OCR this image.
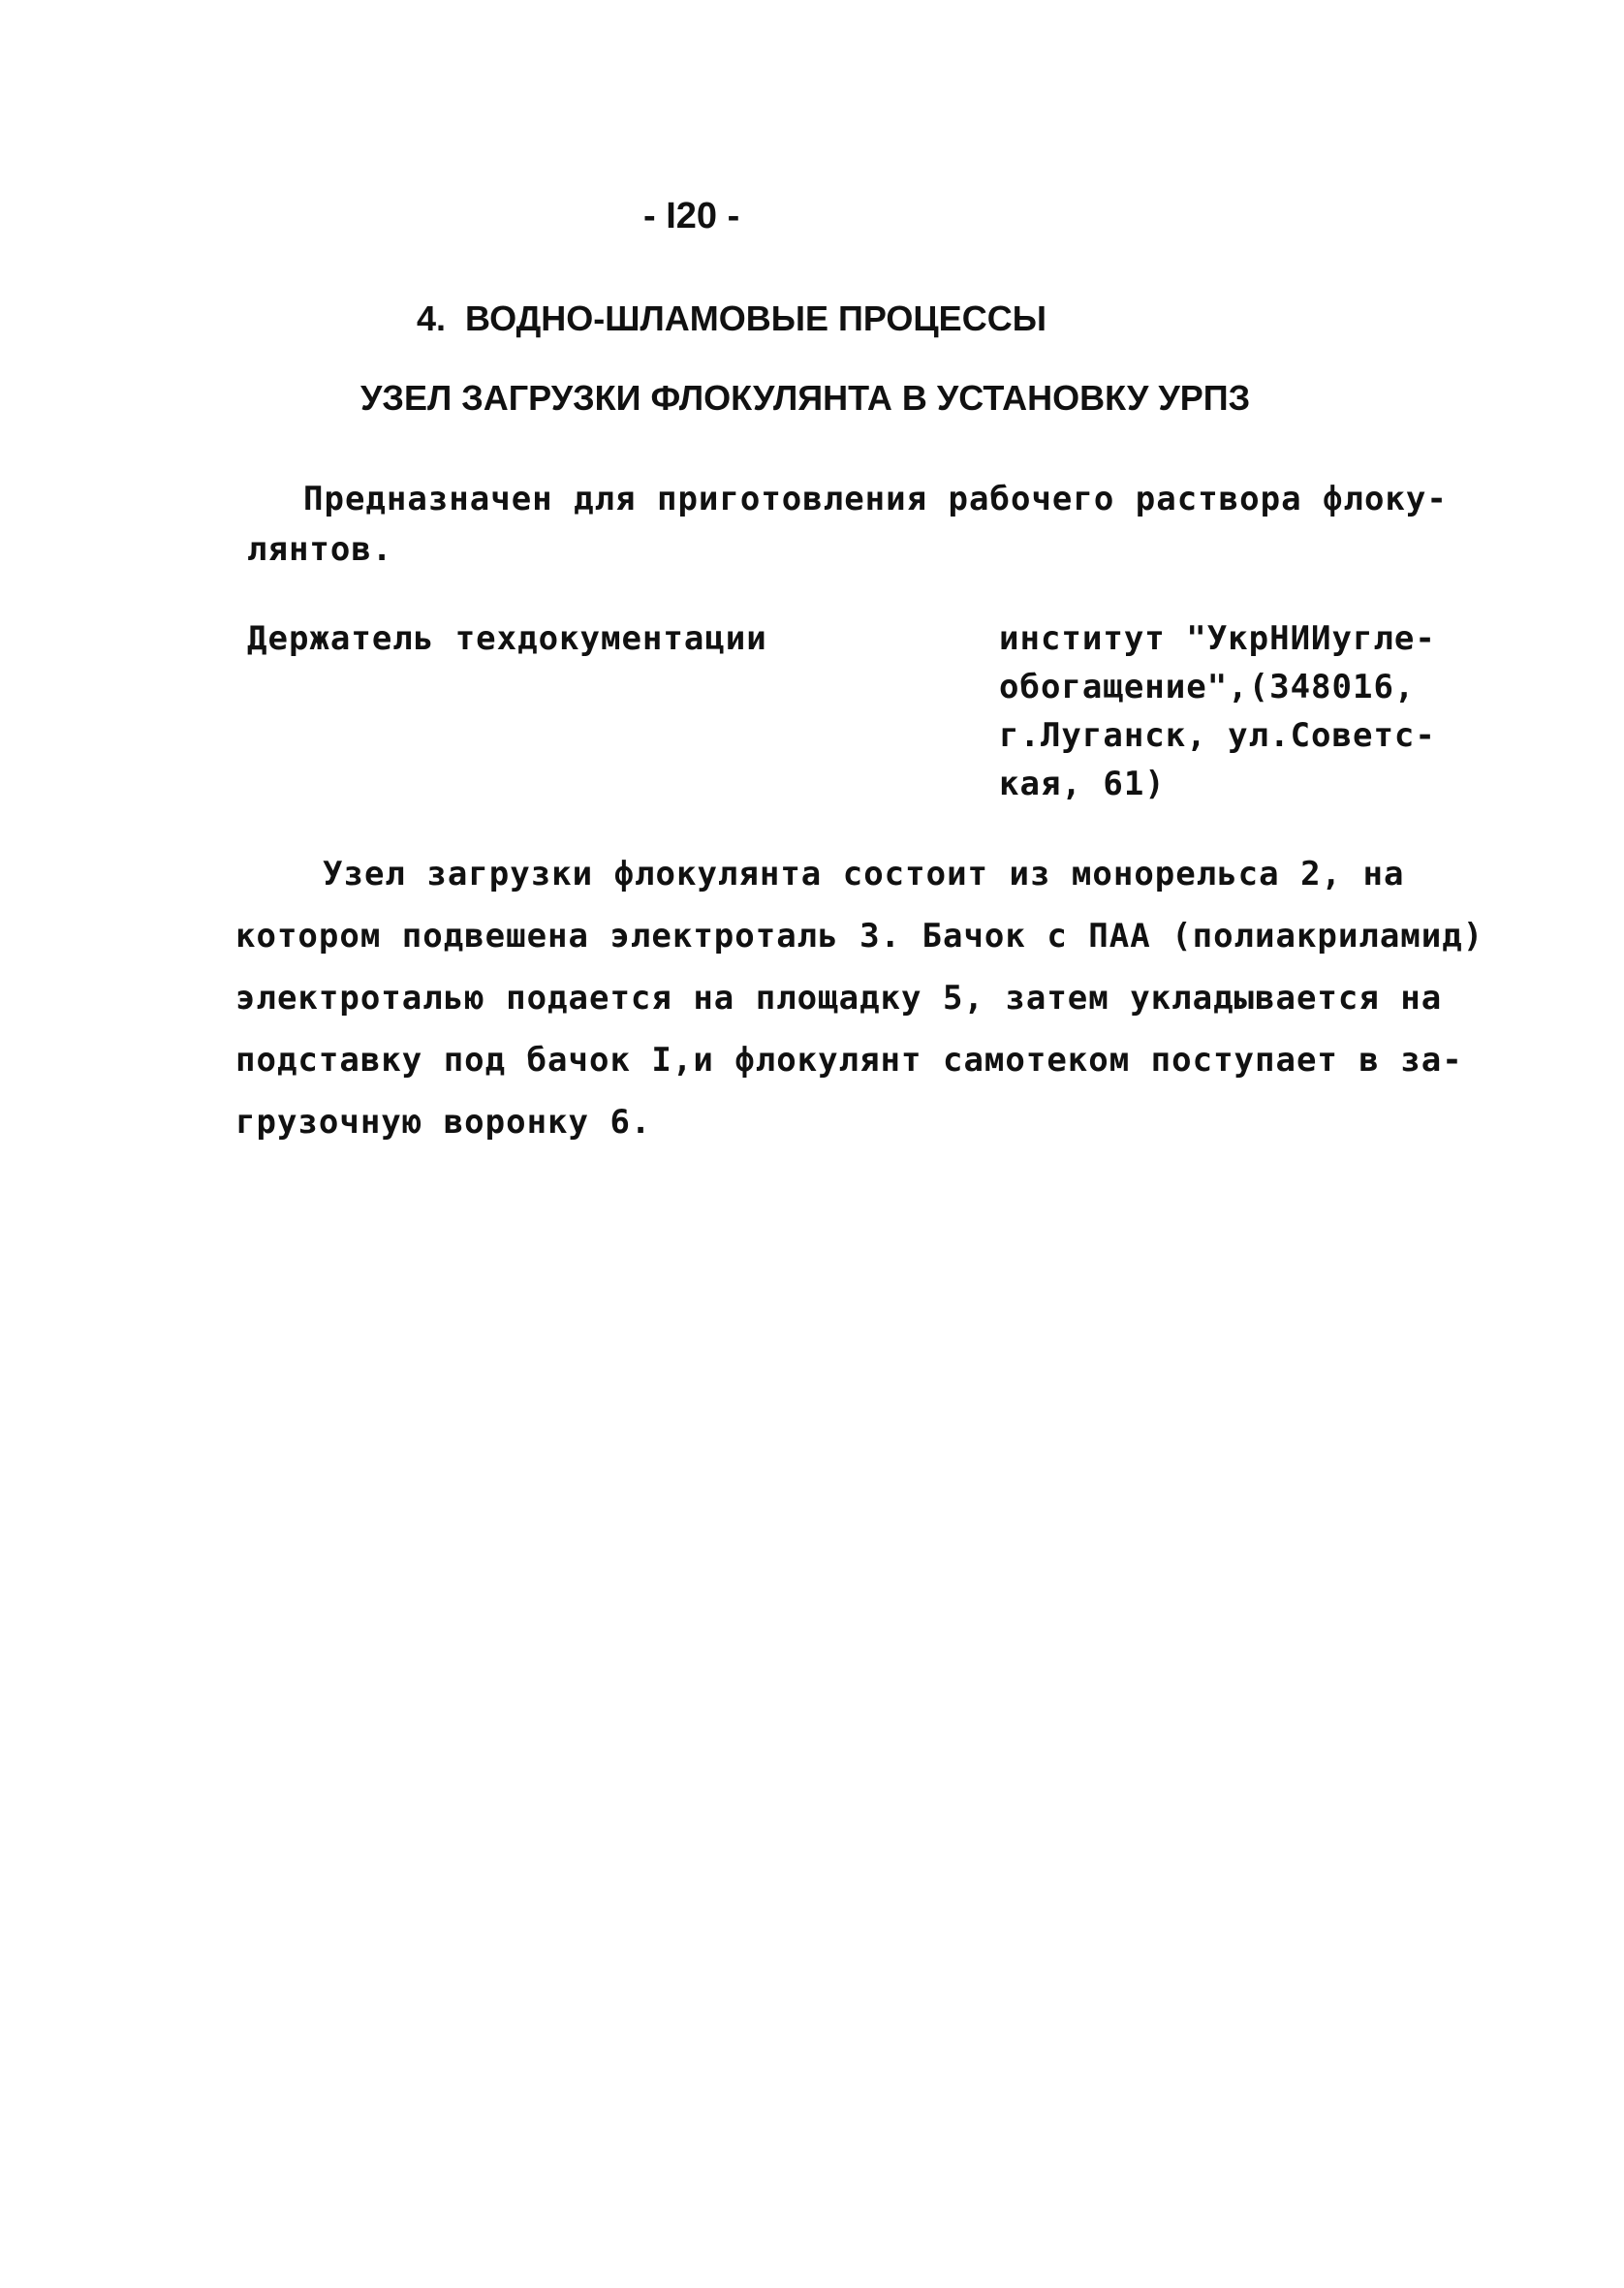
- I20 -
4.  ВОДНО-ШЛАМОВЫЕ ПРОЦЕССЫ
УЗЕЛ ЗАГРУЗКИ ФЛОКУЛЯНТА В УСТАНОВКУ УРПЗ
Предназначен для приготовления рабочего раствора флоку-
лянтов.
Держатель техдокументации	институт "УкрНИИугле-
обогащение",(348016,
г.Луганск, ул.Советс-
кая, 61)
Узел загрузки флокулянта состоит из монорельса 2, на
котором подвешена электроталь 3. Бачок с ПАА (полиакриламид)
электроталью подается на площадку 5, затем укладывается на
подставку под бачок I,и флокулянт самотеком поступает в за-
грузочную воронку 6.
